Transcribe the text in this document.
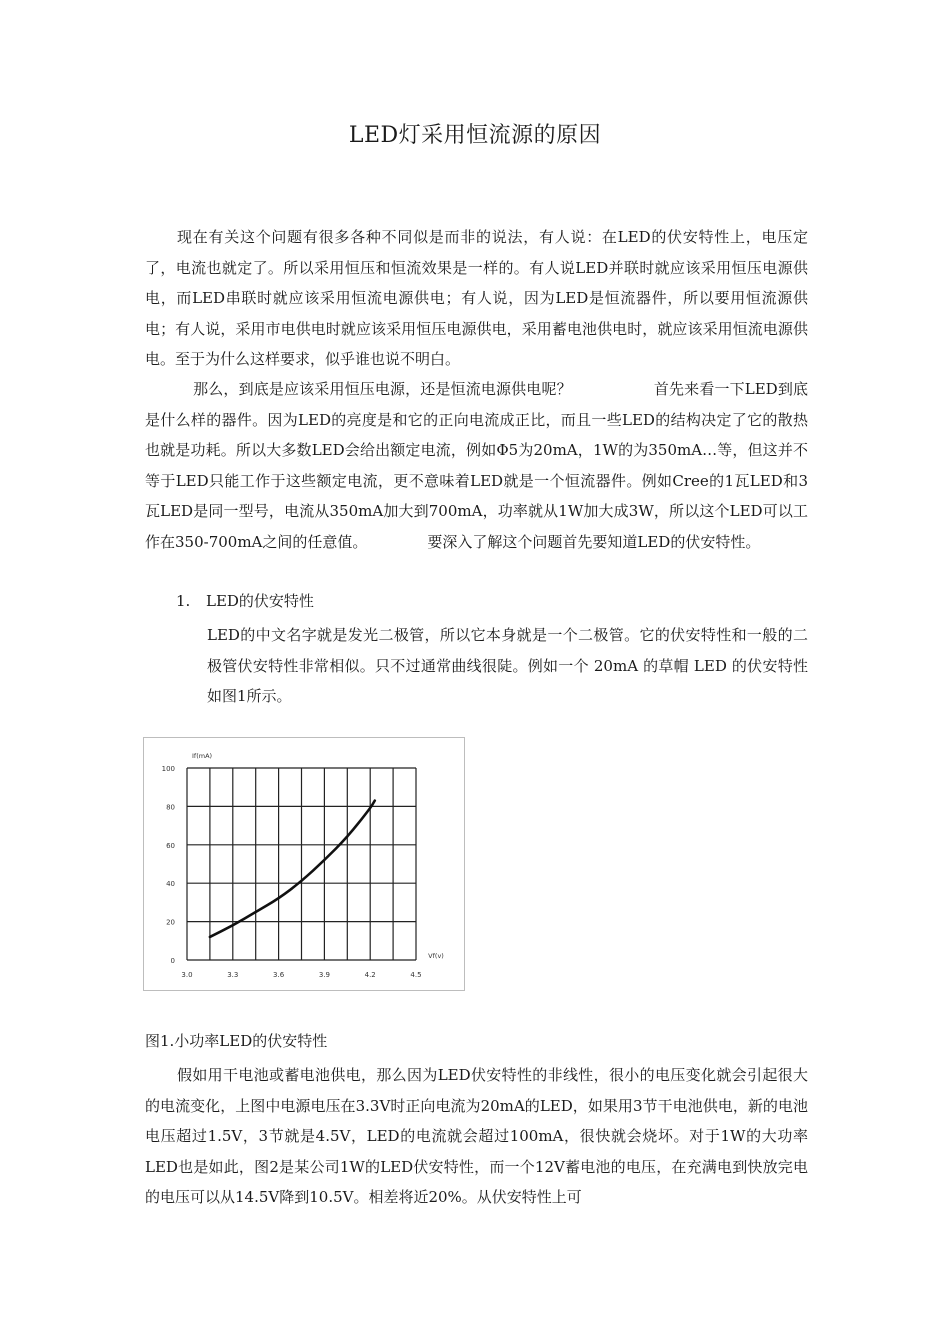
LED灯采用恒流源的原因

现在有关这个问题有很多各种不同似是而非的说法，有人说：在LED的伏安特性上，电压定了，电流也就定了。所以采用恒压和恒流效果是一样的。有人说LED并联时就应该采用恒压电源供电，而LED串联时就应该采用恒流电源供电；有人说，因为LED是恒流器件，所以要用恒流源供电；有人说，采用市电供电时就应该采用恒压电源供电，采用蓄电池供电时，就应该采用恒流电源供电。至于为什么这样要求，似乎谁也说不明白。

那么，到底是应该采用恒压电源，还是恒流电源供电呢？	首先来看一下LED到底是什么样的器件。因为LED的亮度是和它的正向电流成正比，而且一些LED的结构决定了它的散热也就是功耗。所以大多数LED会给出额定电流，例如Φ5为20mA，1W的为350mA…等，但这并不等于LED只能工作于这些额定电流，更不意味着LED就是一个恒流器件。例如Cree的1瓦LED和3瓦LED是同一型号，电流从350mA加大到700mA，功率就从1W加大成3W，所以这个LED可以工作在350-700mA之间的任意值。	要深入了解这个问题首先要知道LED的伏安特性。

1. LED的伏安特性

LED的中文名字就是发光二极管，所以它本身就是一个二极管。它的伏安特性和一般的二极管伏安特性非常相似。只不过通常曲线很陡。例如一个 20mA 的草帽 LED 的伏安特性如图1所示。

0
20
40
60
80
100
3.0	3.3	3.6	3.9	4.2	4.5
If(mA)
Vf(v)
图1.小功率LED的伏安特性

假如用干电池或蓄电池供电，那么因为LED伏安特性的非线性，很小的电压变化就会引起很大的电流变化，上图中电源电压在3.3V时正向电流为20mA的LED，如果用3节干电池供电，新的电池电压超过1.5V，3节就是4.5V，LED的电流就会超过100mA，很快就会烧坏。对于1W的大功率LED也是如此，图2是某公司1W的LED伏安特性，而一个12V蓄电池的电压，在充满电到快放完电的电压可以从14.5V降到10.5V。相差将近20%。从伏安特性上可
